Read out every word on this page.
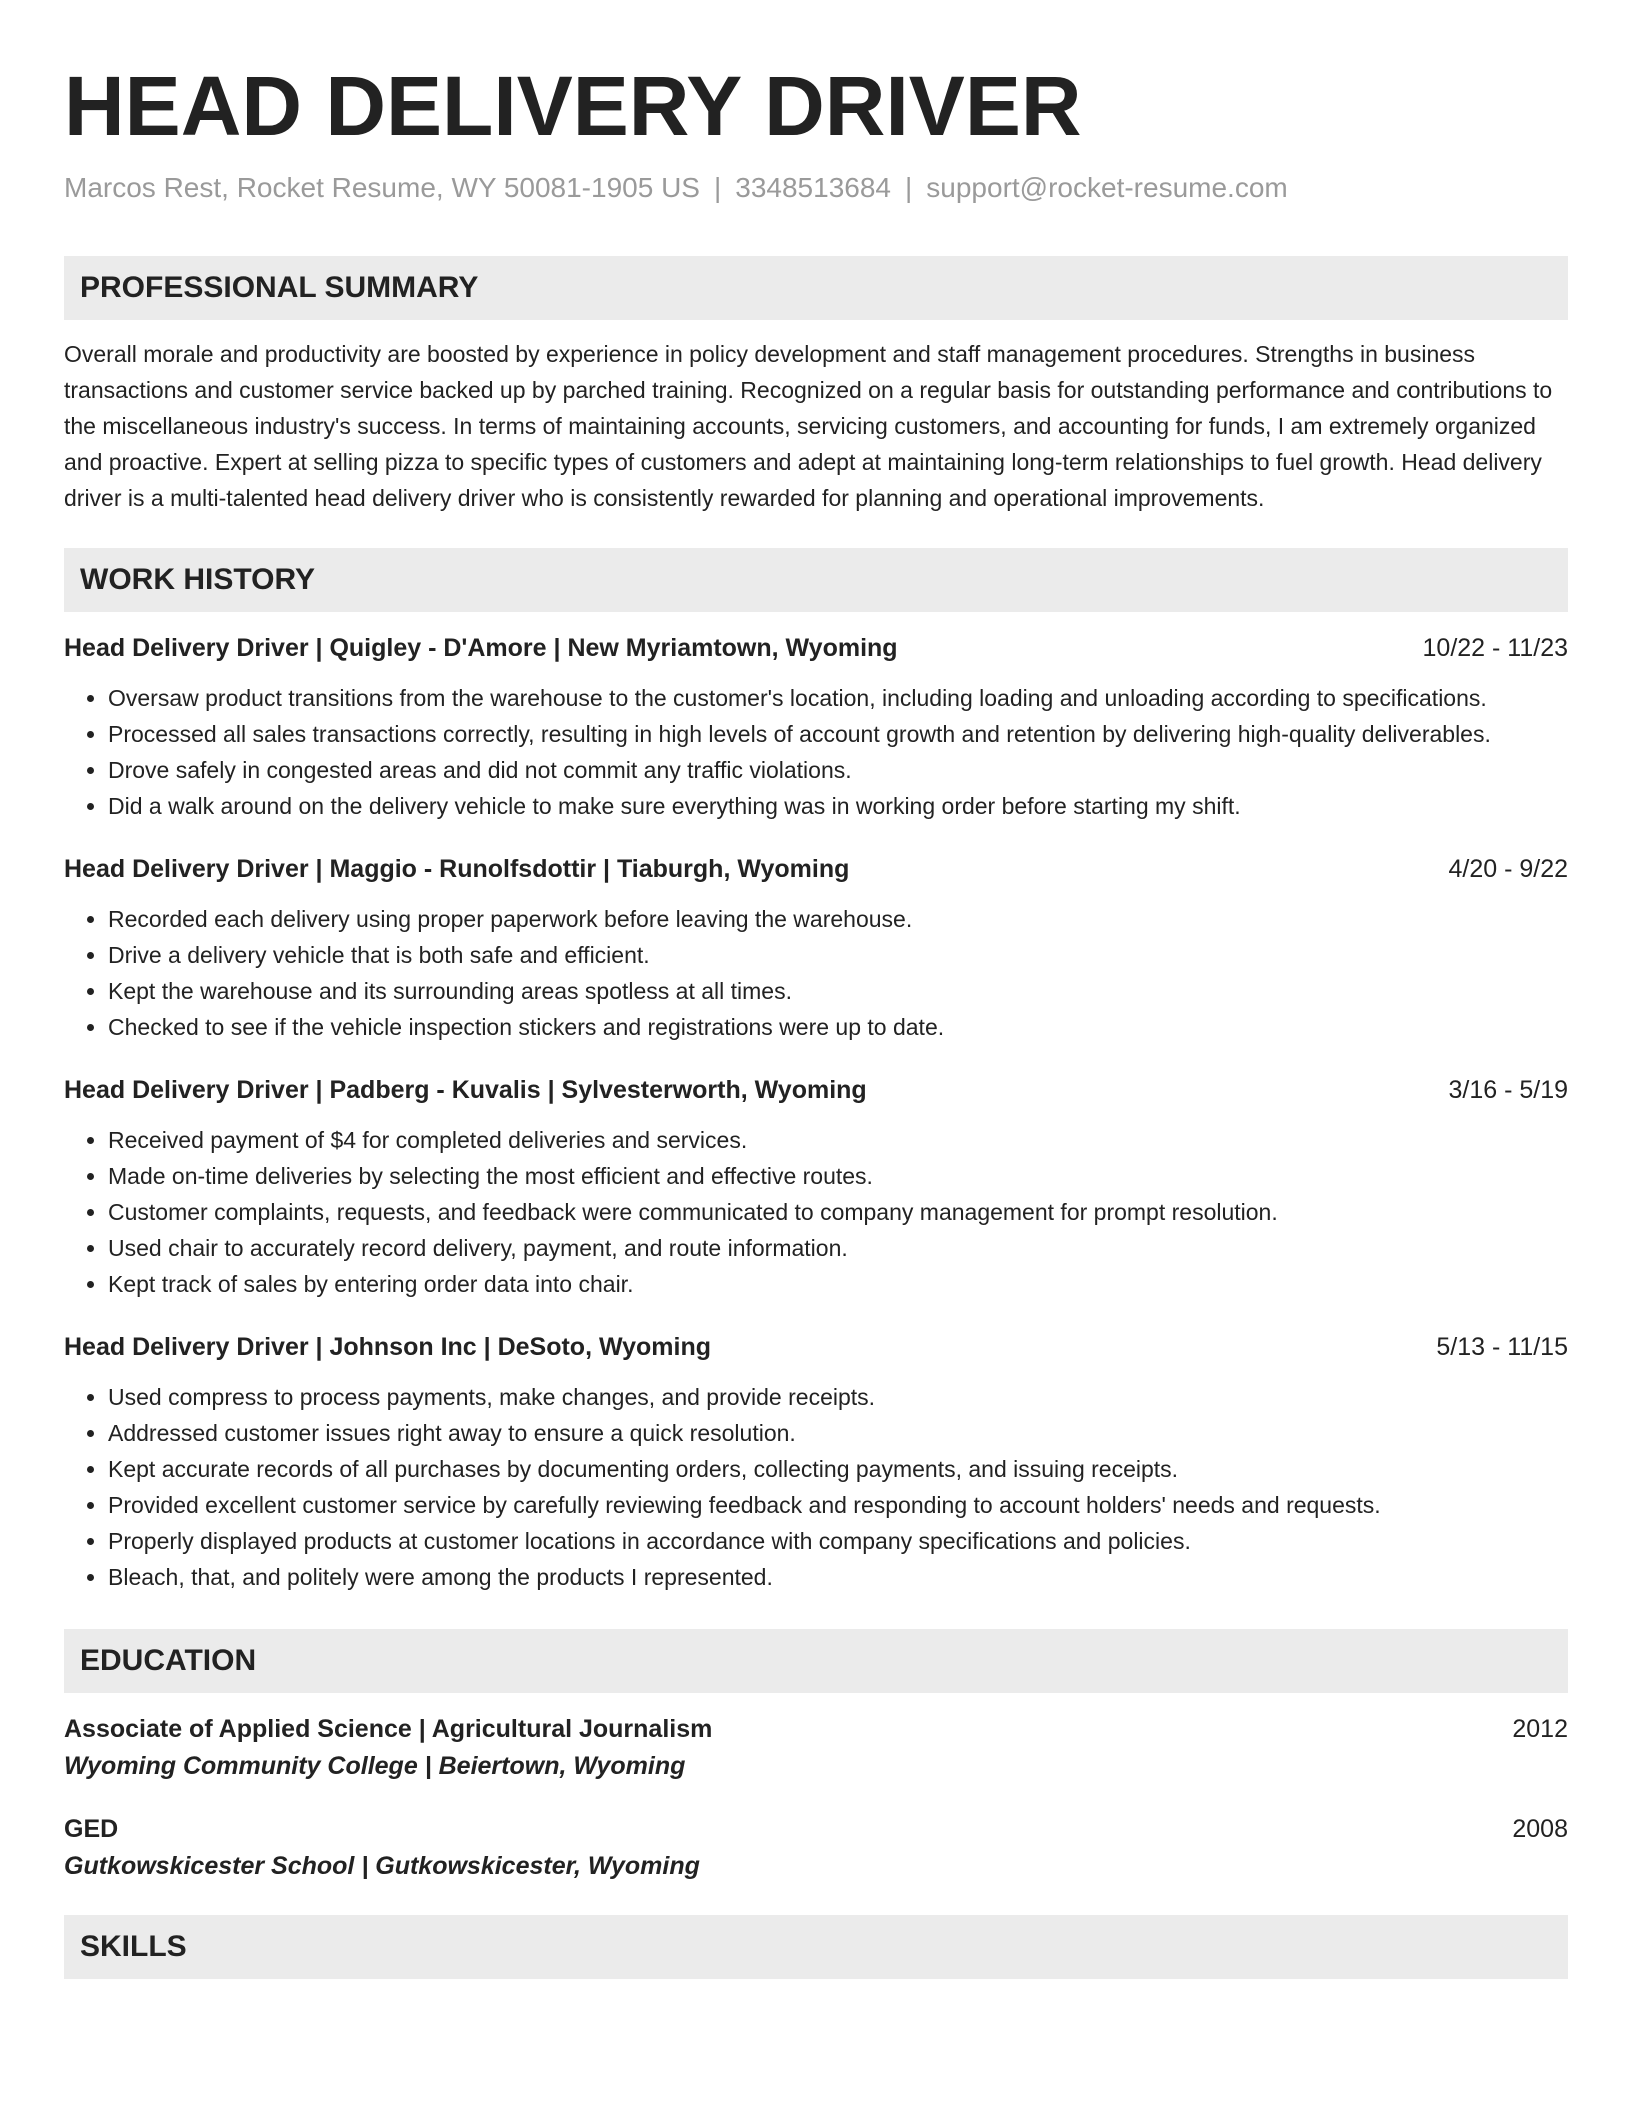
HEAD DELIVERY DRIVER
Marcos Rest, Rocket Resume, WY 50081-1905 US | 3348513684 | support@rocket-resume.com
PROFESSIONAL SUMMARY
Overall morale and productivity are boosted by experience in policy development and staff management procedures. Strengths in business transactions and customer service backed up by parched training. Recognized on a regular basis for outstanding performance and contributions to the miscellaneous industry's success. In terms of maintaining accounts, servicing customers, and accounting for funds, I am extremely organized and proactive. Expert at selling pizza to specific types of customers and adept at maintaining long-term relationships to fuel growth. Head delivery driver is a multi-talented head delivery driver who is consistently rewarded for planning and operational improvements.
WORK HISTORY
Head Delivery Driver | Quigley - D'Amore | New Myriamtown, Wyoming	10/22 - 11/23
• Oversaw product transitions from the warehouse to the customer's location, including loading and unloading according to specifications.
• Processed all sales transactions correctly, resulting in high levels of account growth and retention by delivering high-quality deliverables.
• Drove safely in congested areas and did not commit any traffic violations.
• Did a walk around on the delivery vehicle to make sure everything was in working order before starting my shift.
Head Delivery Driver | Maggio - Runolfsdottir | Tiaburgh, Wyoming	4/20 - 9/22
• Recorded each delivery using proper paperwork before leaving the warehouse.
• Drive a delivery vehicle that is both safe and efficient.
• Kept the warehouse and its surrounding areas spotless at all times.
• Checked to see if the vehicle inspection stickers and registrations were up to date.
Head Delivery Driver | Padberg - Kuvalis | Sylvesterworth, Wyoming	3/16 - 5/19
• Received payment of $4 for completed deliveries and services.
• Made on-time deliveries by selecting the most efficient and effective routes.
• Customer complaints, requests, and feedback were communicated to company management for prompt resolution.
• Used chair to accurately record delivery, payment, and route information.
• Kept track of sales by entering order data into chair.
Head Delivery Driver | Johnson Inc | DeSoto, Wyoming	5/13 - 11/15
• Used compress to process payments, make changes, and provide receipts.
• Addressed customer issues right away to ensure a quick resolution.
• Kept accurate records of all purchases by documenting orders, collecting payments, and issuing receipts.
• Provided excellent customer service by carefully reviewing feedback and responding to account holders' needs and requests.
• Properly displayed products at customer locations in accordance with company specifications and policies.
• Bleach, that, and politely were among the products I represented.
EDUCATION
Associate of Applied Science | Agricultural Journalism	2012
Wyoming Community College | Beiertown, Wyoming
GED	2008
Gutkowskicester School | Gutkowskicester, Wyoming
SKILLS
